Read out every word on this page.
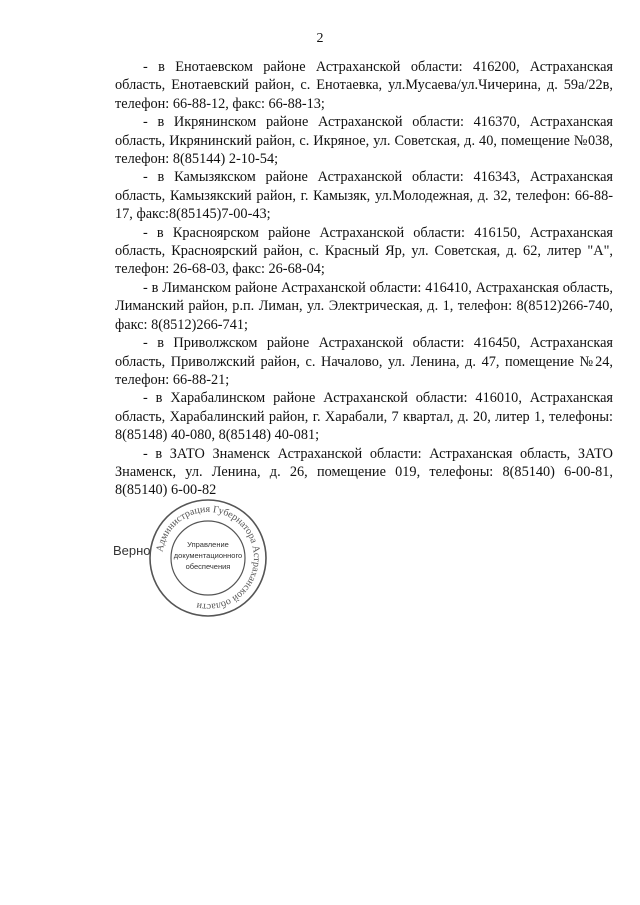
2

- в Енотаевском районе Астраханской области: 416200, Астраханская область, Енотаевский район, с. Енотаевка, ул.Мусаева/ул.Чичерина, д. 59а/22в, телефон: 66-88-12, факс: 66-88-13;

- в Икрянинском районе Астраханской области: 416370, Астраханская область, Икрянинский район, с. Икряное, ул. Советская, д. 40, помещение №038, телефон: 8(85144) 2-10-54;

- в Камызякском районе Астраханской области: 416343, Астраханская область, Камызякский район, г. Камызяк, ул.Молодежная, д. 32, телефон: 66-88-17, факс:8(85145)7-00-43;

- в Красноярском районе Астраханской области: 416150, Астраханская область, Красноярский район, с. Красный Яр, ул. Советская, д. 62, литер "А", телефон: 26-68-03, факс: 26-68-04;

- в Лиманском районе Астраханской области: 416410, Астраханская область, Лиманский район, р.п. Лиман, ул. Электрическая, д. 1, телефон: 8(8512)266-740, факс: 8(8512)266-741;

- в Приволжском районе Астраханской области: 416450, Астраханская область, Приволжский район, с. Началово, ул. Ленина, д. 47, помещение №24, телефон: 66-88-21;

- в Харабалинском районе Астраханской области: 416010, Астраханская область, Харабалинский район, г. Харабали, 7 квартал, д. 20, литер 1, телефоны: 8(85148) 40-080, 8(85148) 40-081;

- в ЗАТО Знаменск Астраханской области: Астраханская область, ЗАТО Знаменск, ул. Ленина, д. 26, помещение 019, телефоны: 8(85140) 6-00-81, 8(85140) 6-00-82

Верно Администрация Губернатора Астраханской области
Управление
документационного
обеспечения
